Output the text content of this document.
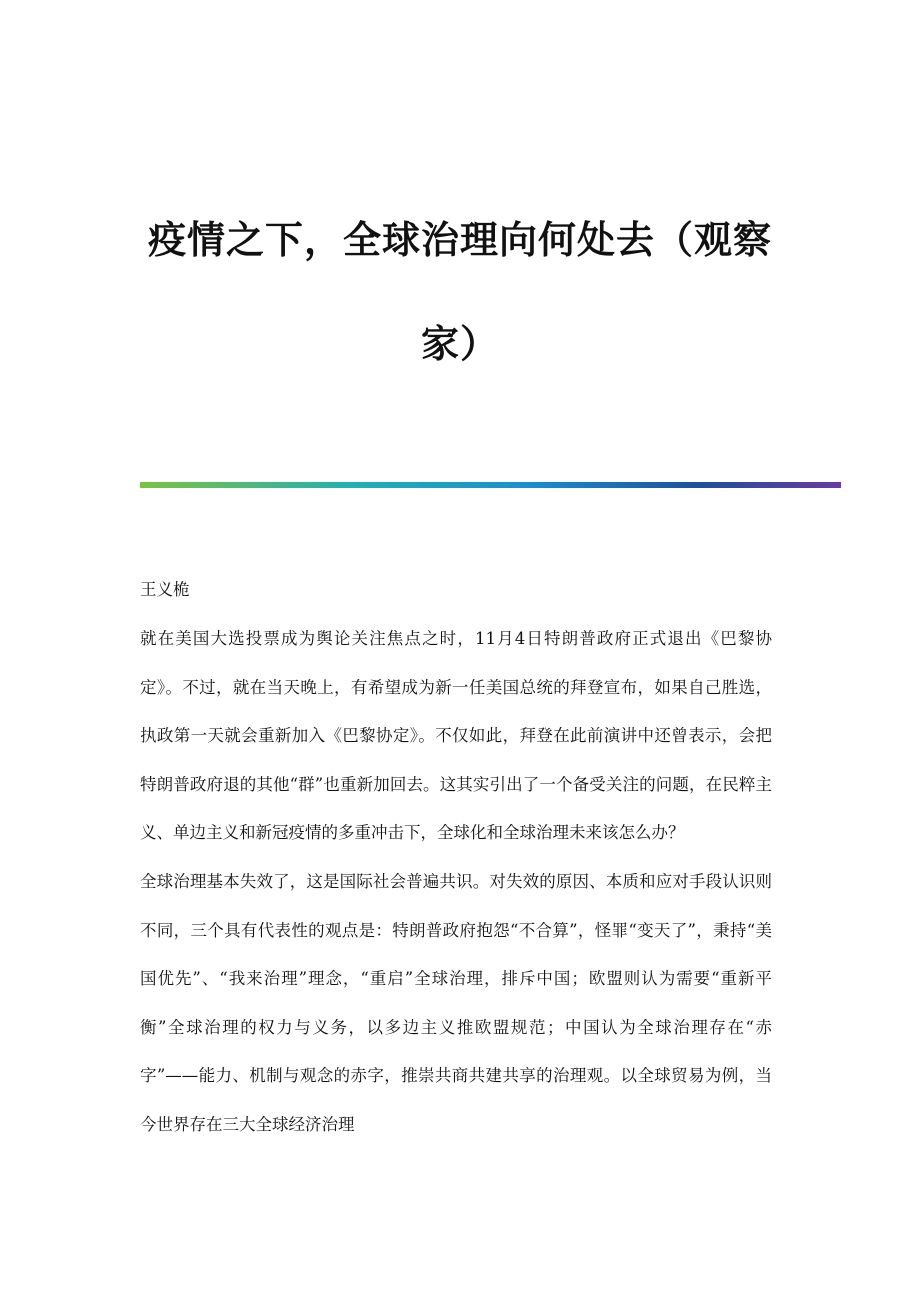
疫情之下，全球治理向何处去（观察家）

王义桅

就在美国大选投票成为舆论关注焦点之时，11月4日特朗普政府正式退出《巴黎协定》。不过，就在当天晚上，有希望成为新一任美国总统的拜登宣布，如果自己胜选，执政第一天就会重新加入《巴黎协定》。不仅如此，拜登在此前演讲中还曾表示，会把特朗普政府退的其他“群”也重新加回去。这其实引出了一个备受关注的问题，在民粹主义、单边主义和新冠疫情的多重冲击下，全球化和全球治理未来该怎么办？

全球治理基本失效了，这是国际社会普遍共识。对失效的原因、本质和应对手段认识则不同，三个具有代表性的观点是：特朗普政府抱怨“不合算”，怪罪“变天了”，秉持“美国优先”、“我来治理”理念，“重启”全球治理，排斥中国；欧盟则认为需要“重新平衡”全球治理的权力与义务，以多边主义推欧盟规范；中国认为全球治理存在“赤字”——能力、机制与观念的赤字，推崇共商共建共享的治理观。以全球贸易为例，当今世界存在三大全球经济治理
